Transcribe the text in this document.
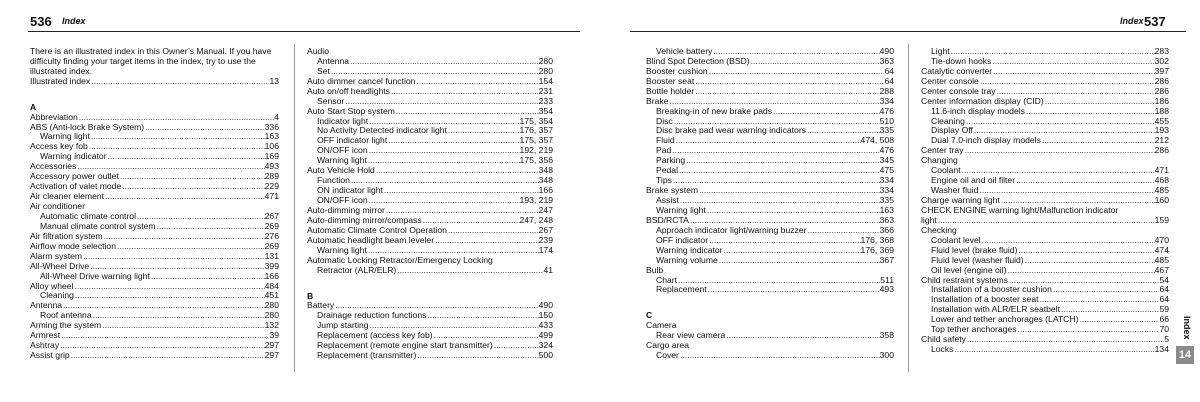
536 Index	Index 537
There is an illustrated index in this Owner’s Manual. If you have
difficulty finding your target items in the index, try to use the
illustrated index.
Illustrated index .....	13
A
Abbreviation .....	4
ABS (Anti-lock Brake System) .....	336
Warning light .....	163
Access key fob .....	106
Warning indicator .....	169
Accessories .....	493
Accessory power outlet .....	289
Activation of valet mode .....	229
Air cleaner element .....	471
Air conditioner
Automatic climate control .....	267
Manual climate control system .....	269
Air filtration system .....	276
Airflow mode selection .....	269
Alarm system .....	131
All-Wheel Drive .....	399
All-Wheel Drive warning light .....	166
Alloy wheel .....	484
Cleaning .....	451
Antenna .....	280
Roof antenna .....	280
Arming the system .....	132
Armrest .....	39
Ashtray .....	297
Assist grip .....	297
Audio
Antenna .....	280
Set .....	280
Auto dimmer cancel function .....	154
Auto on/off headlights .....	231
Sensor .....	233
Auto Start Stop system .....	354
Indicator light .....	175, 354
No Activity Detected indicator light .....	176, 357
OFF indicator light .....	175, 357
ON/OFF icon .....	192, 219
Warning light .....	175, 356
Auto Vehicle Hold .....	348
Function .....	348
ON indicator light .....	166
ON/OFF icon .....	193, 219
Auto-dimming mirror .....	247
Auto-dimming mirror/compass .....	247, 248
Automatic Climate Control Operation .....	267
Automatic headlight beam leveler .....	239
Warning light .....	174
Automatic Locking Retractor/Emergency Locking
Retractor (ALR/ELR) .....	41
B
Battery .....	490
Drainage reduction functions .....	150
Jump starting .....	433
Replacement (access key fob) .....	499
Replacement (remote engine start transmitter) .....	324
Replacement (transmitter) .....	500
Vehicle battery .....	490
Blind Spot Detection (BSD) .....	363
Booster cushion .....	64
Booster seat .....	64
Bottle holder .....	288
Brake .....	334
Breaking-in of new brake pads .....	476
Disc .....	510
Disc brake pad wear warning indicators .....	335
Fluid .....	474, 508
Pad .....	476
Parking .....	345
Pedal .....	475
Tips .....	334
Brake system .....	334
Assist .....	335
Warning light .....	163
BSD/RCTA .....	363
Approach indicator light/warning buzzer .....	366
OFF indicator .....	176, 368
Warning indicator .....	176, 369
Warning volume .....	367
Bulb
Chart .....	511
Replacement .....	493
C
Camera
Rear view camera .....	358
Cargo area
Cover .....	300
Light .....	283
Tie-down hooks .....	302
Catalytic converter .....	397
Center console .....	286
Center console tray .....	286
Center information display (CID) .....	186
11.6-inch display models .....	188
Cleaning .....	455
Display Off .....	193
Dual 7.0-inch display models .....	212
Center tray .....	286
Changing
Coolant .....	471
Engine oil and oil filter .....	468
Washer fluid .....	485
Charge warning light .....	160
CHECK ENGINE warning light/Malfunction indicator
light .....	159
Checking
Coolant level .....	470
Fluid level (brake fluid) .....	474
Fluid level (washer fluid) .....	485
Oil level (engine oil) .....	467
Child restraint systems .....	54
Installation of a booster cushion .....	64
Installation of a booster seat .....	64
Installation with ALR/ELR seatbelt .....	59
Lower and tether anchorages (LATCH) .....	66
Top tether anchorages .....	70
Child safety .....	5
Locks .....	134
Index
14
